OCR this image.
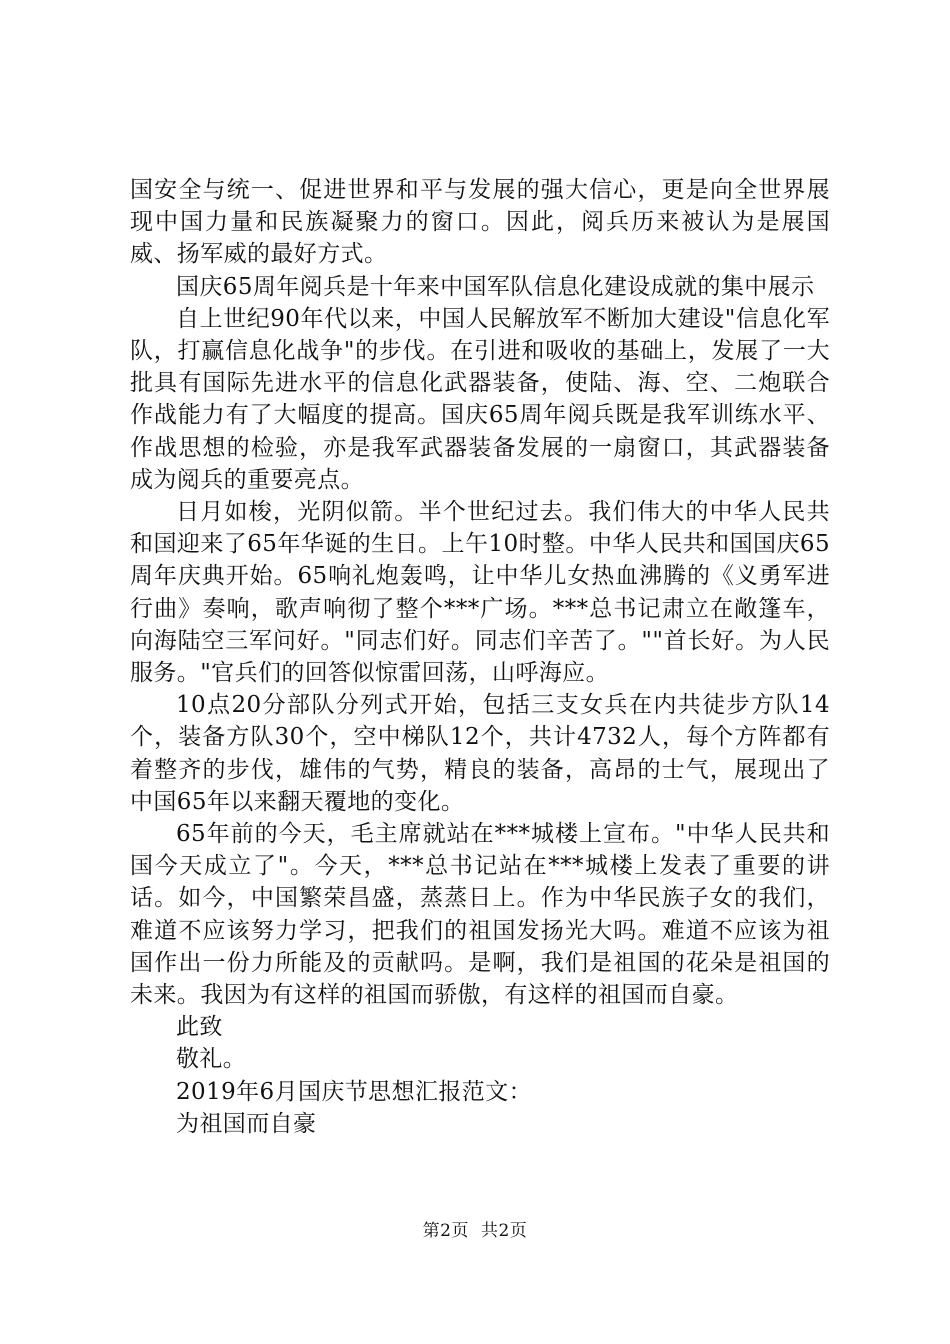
国安全与统一、促进世界和平与发展的强大信心，更是向全世界展现中国力量和民族凝聚力的窗口。因此，阅兵历来被认为是展国威、扬军威的最好方式。

国庆65周年阅兵是十年来中国军队信息化建设成就的集中展示

自上世纪90年代以来，中国人民解放军不断加大建设"信息化军队，打赢信息化战争"的步伐。在引进和吸收的基础上，发展了一大批具有国际先进水平的信息化武器装备，使陆、海、空、二炮联合作战能力有了大幅度的提高。国庆65周年阅兵既是我军训练水平、作战思想的检验，亦是我军武器装备发展的一扇窗口，其武器装备成为阅兵的重要亮点。

日月如梭，光阴似箭。半个世纪过去。我们伟大的中华人民共和国迎来了65年华诞的生日。上午10时整。中华人民共和国国庆65周年庆典开始。65响礼炮轰鸣，让中华儿女热血沸腾的《义勇军进行曲》奏响，歌声响彻了整个***广场。***总书记肃立在敞篷车，向海陆空三军问好。"同志们好。同志们辛苦了。""首长好。为人民服务。"官兵们的回答似惊雷回荡，山呼海应。

10点20分部队分列式开始，包括三支女兵在内共徒步方队14个，装备方队30个，空中梯队12个，共计4732人，每个方阵都有着整齐的步伐，雄伟的气势，精良的装备，高昂的士气，展现出了中国65年以来翻天覆地的变化。

65年前的今天，毛主席就站在***城楼上宣布。"中华人民共和国今天成立了"。今天，***总书记站在***城楼上发表了重要的讲话。如今，中国繁荣昌盛，蒸蒸日上。作为中华民族子女的我们，难道不应该努力学习，把我们的祖国发扬光大吗。难道不应该为祖国作出一份力所能及的贡献吗。是啊，我们是祖国的花朵是祖国的未来。我因为有这样的祖国而骄傲，有这样的祖国而自豪。

此致
敬礼。
2019年6月国庆节思想汇报范文：
为祖国而自豪
第2页 共2页
